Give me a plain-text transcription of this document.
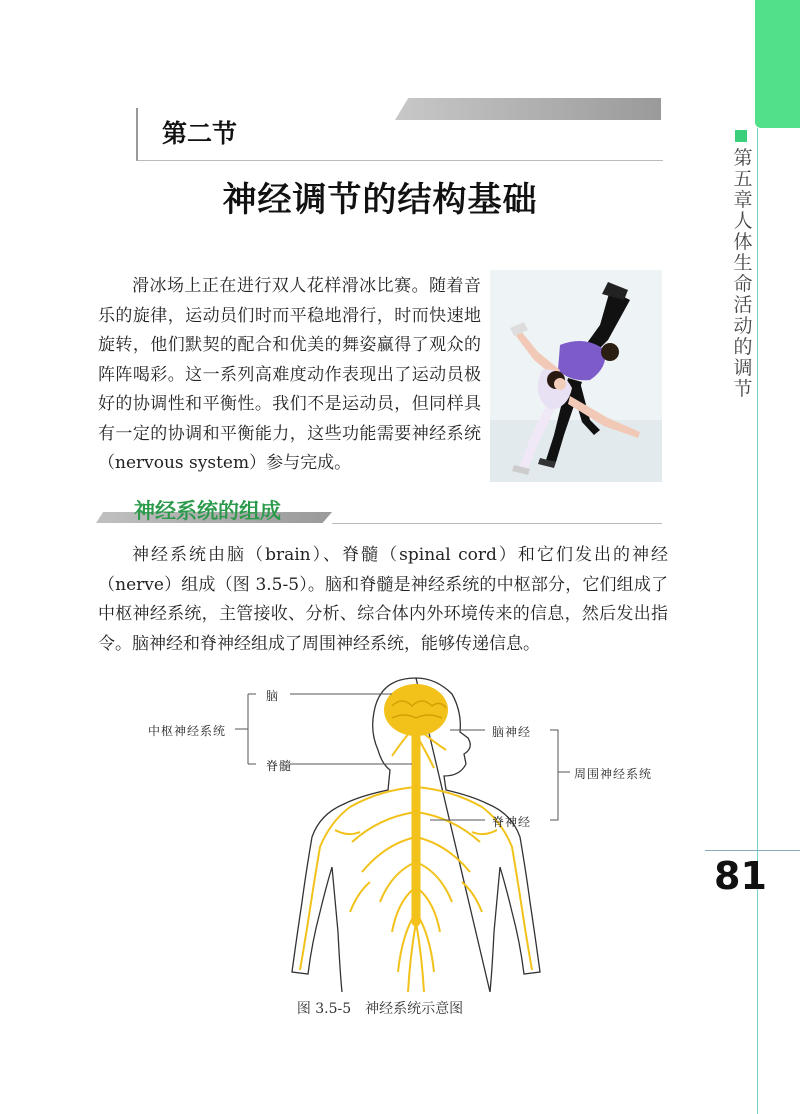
第五章人体生命活动的调节
81
第二节
神经调节的结构基础
滑冰场上正在进行双人花样滑冰比赛。随着音乐的旋律，运动员们时而平稳地滑行，时而快速地旋转，他们默契的配合和优美的舞姿赢得了观众的阵阵喝彩。这一系列高难度动作表现出了运动员极好的协调性和平衡性。我们不是运动员，但同样具有一定的协调和平衡能力，这些功能需要神经系统（nervous system）参与完成。
神经系统的组成
神经系统由脑（brain）、脊髓（spinal cord）和它们发出的神经（nerve）组成（图 3.5-5）。脑和脊髓是神经系统的中枢部分，它们组成了中枢神经系统，主管接收、分析、综合体内外环境传来的信息，然后发出指令。脑神经和脊神经组成了周围神经系统，能够传递信息。
脑
脊髓
中枢神经系统	脑神经
脊神经
周围神经系统
图 3.5-5　神经系统示意图
